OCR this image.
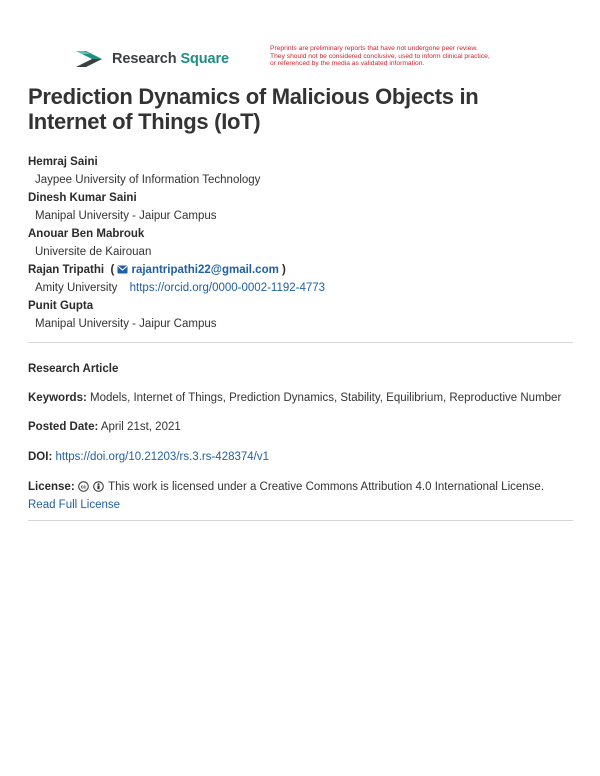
Research Square
Preprints are preliminary reports that have not undergone peer review.
They should not be considered conclusive, used to inform clinical practice,
or referenced by the media as validated information.
Prediction Dynamics of Malicious Objects in
Internet of Things (IoT)
Hemraj Saini
Jaypee University of Information Technology
Dinesh Kumar Saini
Manipal University - Jaipur Campus
Anouar Ben Mabrouk
Universite de Kairouan
Rajan Tripathi  ( rajantripathi22@gmail.com )
Amity University https://orcid.org/0000-0002-1192-4773
Punit Gupta
Manipal University - Jaipur Campus
Research Article
Keywords: Models, Internet of Things, Prediction Dynamics, Stability, Equilibrium, Reproductive Number
Posted Date: April 21st, 2021
DOI: https://doi.org/10.21203/rs.3.rs-428374/v1
License: cc This work is licensed under a Creative Commons Attribution 4.0 International License.
Read Full License
